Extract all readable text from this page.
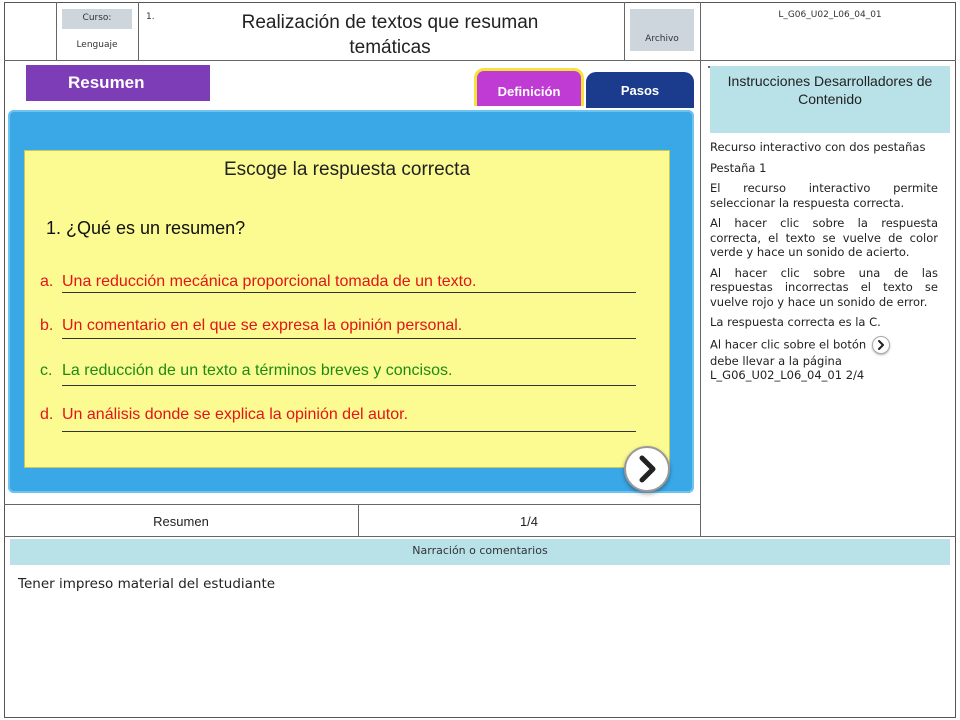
Curso:
Lenguaje
1.	Realización de textos que resuman temáticas	Archivo
L_G06_U02_L06_04_01
Resumen	Definición	Pasos
Escoge la respuesta correcta
1. ¿Qué es un resumen?
a. Una reducción mecánica proporcional tomada de un texto.
b. Un comentario en el que se expresa la opinión personal.
c. La reducción de un texto a términos breves y concisos.
d. Un análisis donde se explica la opinión del autor.
Instrucciones Desarrolladores de Contenido

Recurso interactivo con dos pestañas

Pestaña 1

El recurso interactivo permite seleccionar la respuesta correcta.

Al hacer clic sobre la respuesta correcta, el texto se vuelve de color verde y hace un sonido de acierto.

Al hacer clic sobre una de las respuestas incorrectas el texto se vuelve rojo y hace un sonido de error.

La respuesta correcta es la C.

Al hacer clic sobre el botón
debe llevar a la página L_G06_U02_L06_04_01 2/4

Resumen	1/4
Narración o comentarios
Tener impreso material del estudiante
